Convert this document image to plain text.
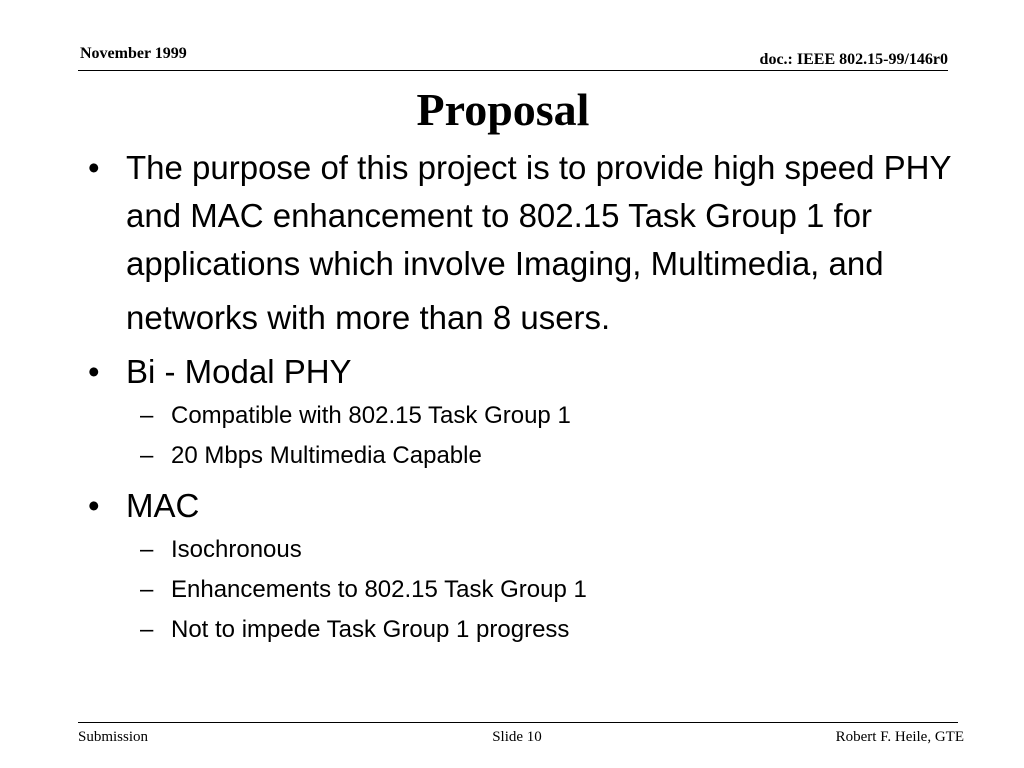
November 1999	doc.: IEEE 802.15-99/146r0
Proposal
• The purpose of this project is to provide high speed PHY and MAC enhancement to 802.15 Task Group 1 for applications which involve Imaging, Multimedia, and networks with more than 8 users.
• Bi - Modal PHY
– Compatible with 802.15 Task Group 1
– 20 Mbps Multimedia Capable
• MAC
– Isochronous
– Enhancements to 802.15 Task Group 1
– Not to impede Task Group 1 progress
Submission	Slide 10	Robert F. Heile, GTE
